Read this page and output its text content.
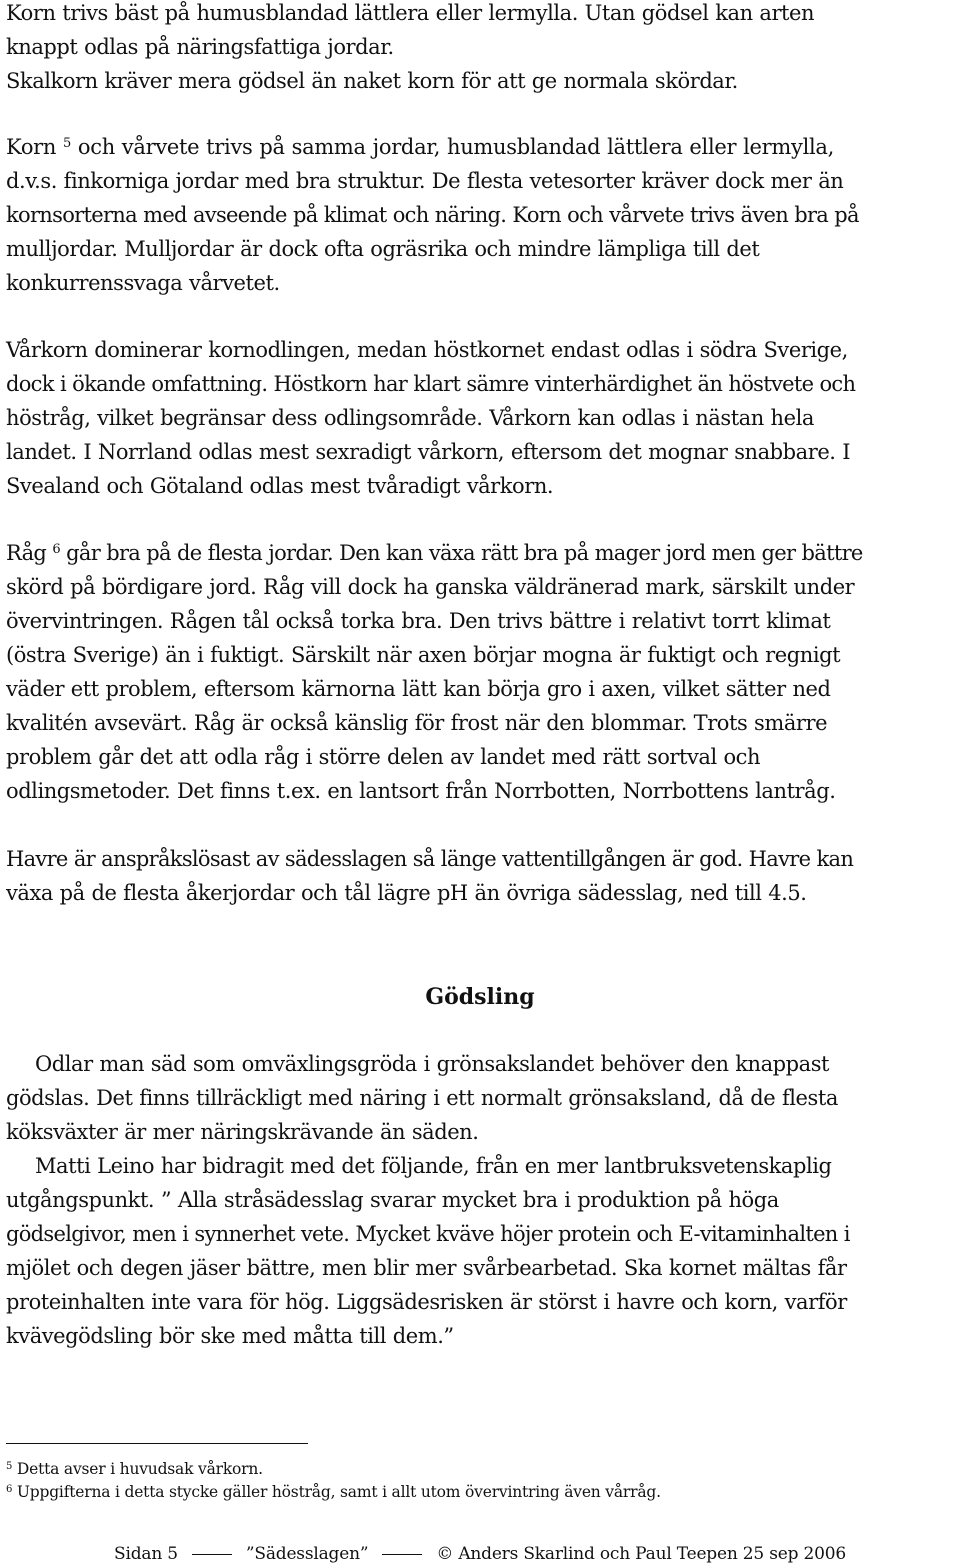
Korn trivs bäst på humusblandad lättlera eller lermylla. Utan gödsel kan arten
knappt odlas på näringsfattiga jordar.
Skalkorn kräver mera gödsel än naket korn för att ge normala skördar.
Korn $^5$ och vårvete trivs på samma jordar, humusblandad lättlera eller lermylla,
d.v.s. finkorniga jordar med bra struktur. De flesta vetesorter kräver dock mer än
kornsorterna med avseende på klimat och näring. Korn och vårvete trivs även bra på
mulljordar. Mulljordar är dock ofta ogräsrika och mindre lämpliga till det
konkurrenssvaga vårvetet.
Vårkorn dominerar kornodlingen, medan höstkornet endast odlas i södra Sverige,
dock i ökande omfattning. Höstkorn har klart sämre vinterhärdighet än höstvete och
höstråg, vilket begränsar dess odlingsområde. Vårkorn kan odlas i nästan hela
landet. I Norrland odlas mest sexradigt vårkorn, eftersom det mognar snabbare. I
Svealand och Götaland odlas mest tvåradigt vårkorn.
Råg $^6$ går bra på de flesta jordar. Den kan växa rätt bra på mager jord men ger bättre
skörd på bördigare jord. Råg vill dock ha ganska väldränerad mark, särskilt under
övervintringen. Rågen tål också torka bra. Den trivs bättre i relativt torrt klimat
(östra Sverige) än i fuktigt. Särskilt när axen börjar mogna är fuktigt och regnigt
väder ett problem, eftersom kärnorna lätt kan börja gro i axen, vilket sätter ned
kvalitén avsevärt. Råg är också känslig för frost när den blommar. Trots smärre
problem går det att odla råg i större delen av landet med rätt sortval och
odlingsmetoder. Det finns t.ex. en lantsort från Norrbotten, Norrbottens lantråg.
Havre är anspråkslösast av sädesslagen så länge vattentillgången är god. Havre kan
växa på de flesta åkerjordar och tål lägre pH än övriga sädesslag, ned till 4.5.
Gödsling
Odlar man säd som omväxlingsgröda i grönsakslandet behöver den knappast
gödslas. Det finns tillräckligt med näring i ett normalt grönsaksland, då de flesta
köksväxter är mer näringskrävande än säden.
Matti Leino har bidragit med det följande, från en mer lantbruksvetenskaplig
utgångspunkt. ” Alla stråsädesslag svarar mycket bra i produktion på höga
gödselgivor, men i synnerhet vete. Mycket kväve höjer protein och E-vitaminhalten i
mjölet och degen jäser bättre, men blir mer svårbearbetad. Ska kornet mältas får
proteinhalten inte vara för hög. Liggsädesrisken är störst i havre och korn, varför
kvävegödsling bör ske med måtta till dem.”
$^5$ Detta avser i huvudsak vårkorn.
$^6$ Uppgifterna i detta stycke gäller höstråg, samt i allt utom övervintring även vårråg.
Sidan 5	”Sädesslagen”	© Anders Skarlind och Paul Teepen 25 sep 2006
